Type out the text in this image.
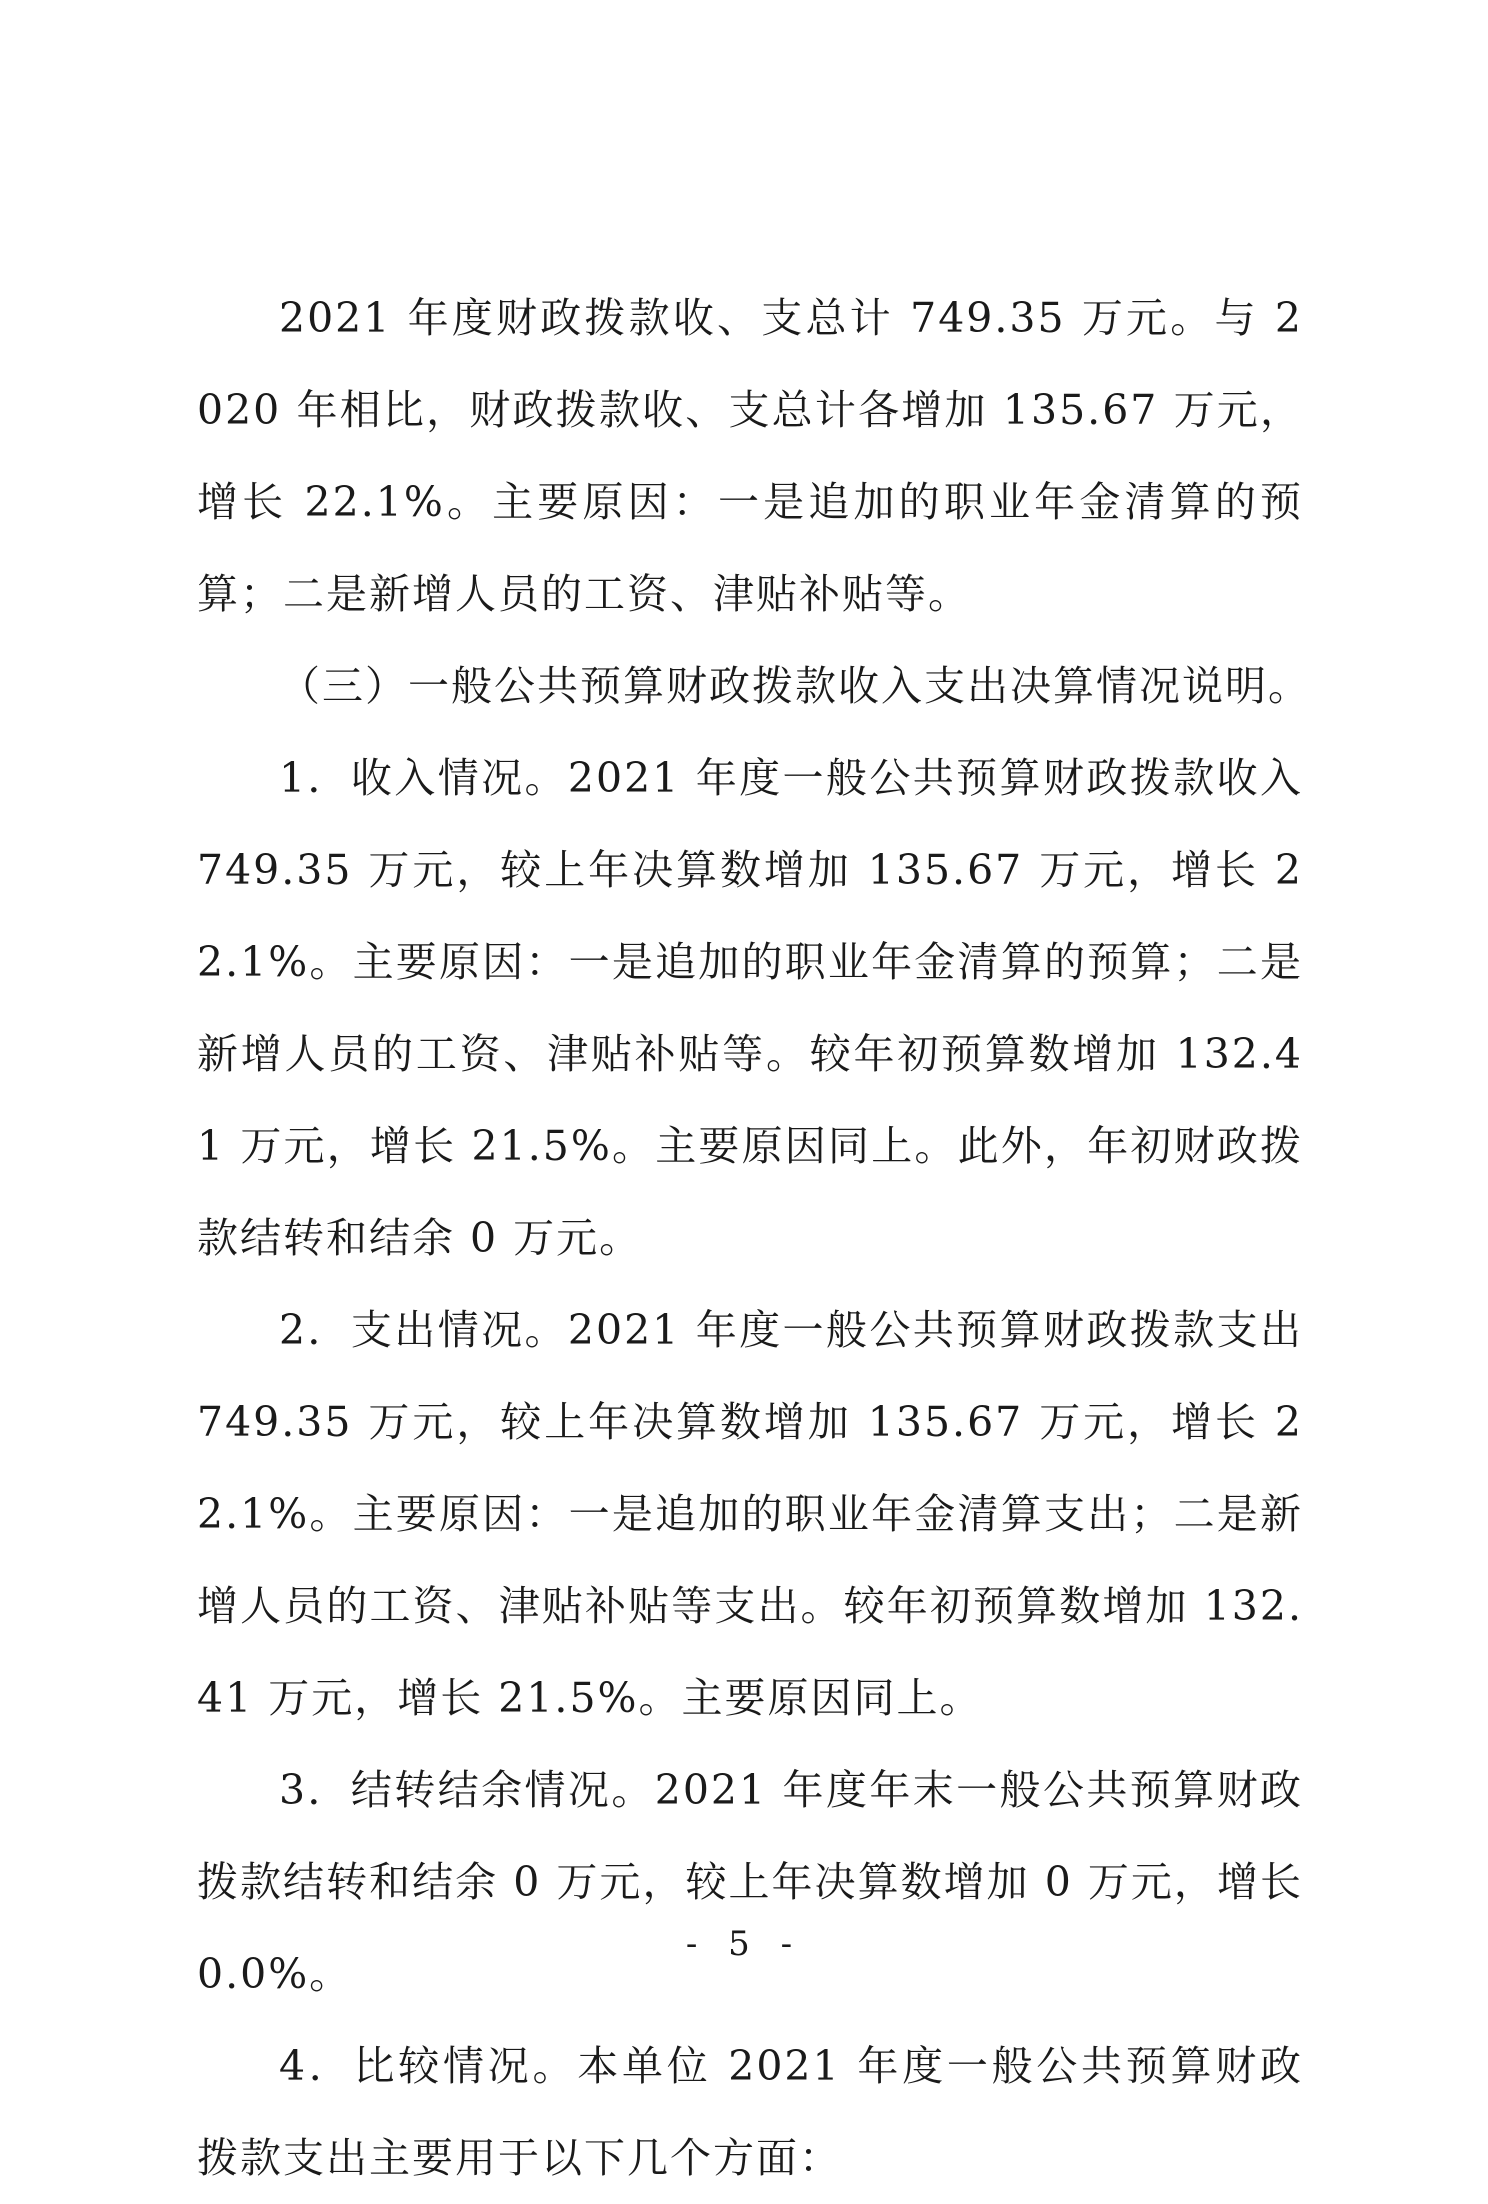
2021 年度财政拨款收、支总计 749.35 万元。与 2020 年相比，财政拨款收、支总计各增加 135.67 万元，增长 22.1%。主要原因：一是追加的职业年金清算的预算；二是新增人员的工资、津贴补贴等。

（三）一般公共预算财政拨款收入支出决算情况说明。

1．收入情况。2021 年度一般公共预算财政拨款收入 749.35 万元，较上年决算数增加 135.67 万元，增长 22.1%。主要原因：一是追加的职业年金清算的预算；二是新增人员的工资、津贴补贴等。较年初预算数增加 132.41 万元，增长 21.5%。主要原因同上。此外，年初财政拨款结转和结余 0 万元。

2．支出情况。2021 年度一般公共预算财政拨款支出 749.35 万元，较上年决算数增加 135.67 万元，增长 22.1%。主要原因：一是追加的职业年金清算支出；二是新增人员的工资、津贴补贴等支出。较年初预算数增加 132.41 万元，增长 21.5%。主要原因同上。

3．结转结余情况。2021 年度年末一般公共预算财政拨款结转和结余 0 万元，较上年决算数增加 0 万元，增长 0.0%。

4．比较情况。本单位 2021 年度一般公共预算财政拨款支出主要用于以下几个方面：

- 5 -
